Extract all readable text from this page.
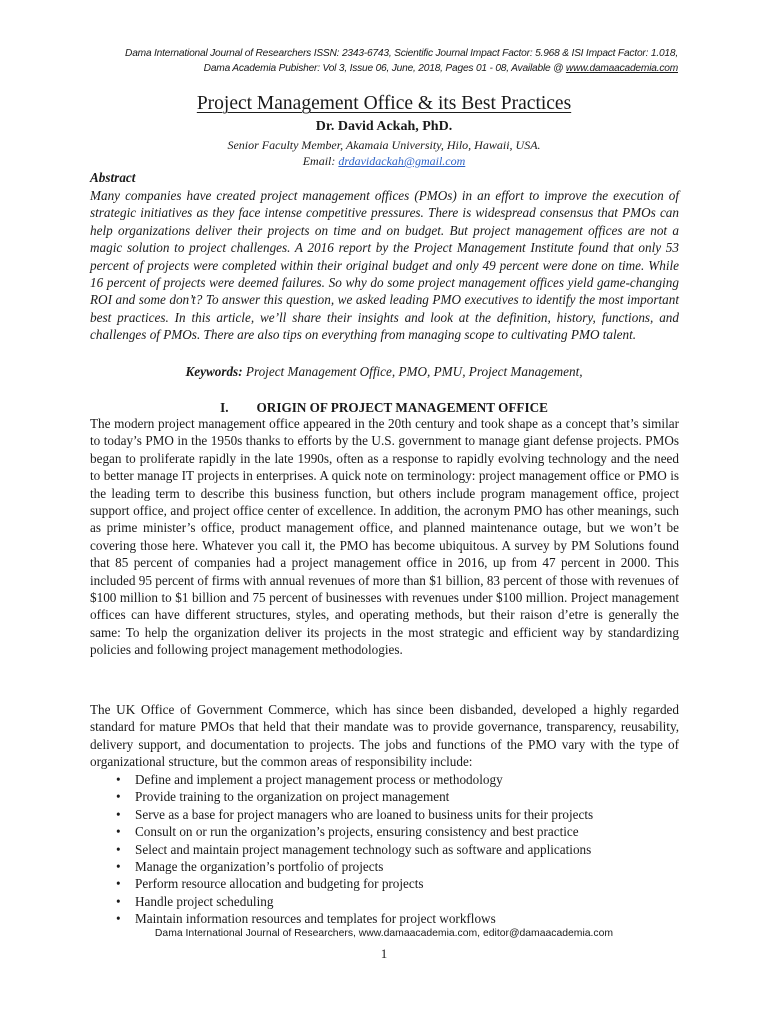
Dama International Journal of Researchers ISSN: 2343-6743, Scientific Journal Impact Factor: 5.968 & ISI Impact Factor: 1.018,
Dama Academia Pubisher: Vol 3, Issue 06, June, 2018, Pages 01 - 08, Available @ www.damaacademia.com
Project Management Office & its Best Practices
Dr. David Ackah, PhD.
Senior Faculty Member, Akamaia University, Hilo, Hawaii, USA.
Email: drdavidackah@gmail.com
Abstract
Many companies have created project management offices (PMOs) in an effort to improve the execution of strategic initiatives as they face intense competitive pressures. There is widespread consensus that PMOs can help organizations deliver their projects on time and on budget. But project management offices are not a magic solution to project challenges. A 2016 report by the Project Management Institute found that only 53 percent of projects were completed within their original budget and only 49 percent were done on time. While 16 percent of projects were deemed failures. So why do some project management offices yield game-changing ROI and some don’t? To answer this question, we asked leading PMO executives to identify the most important best practices. In this article, we’ll share their insights and look at the definition, history, functions, and challenges of PMOs. There are also tips on everything from managing scope to cultivating PMO talent.
Keywords: Project Management Office, PMO, PMU, Project Management,
I. ORIGIN OF PROJECT MANAGEMENT OFFICE
The modern project management office appeared in the 20th century and took shape as a concept that’s similar to today’s PMO in the 1950s thanks to efforts by the U.S. government to manage giant defense projects. PMOs began to proliferate rapidly in the late 1990s, often as a response to rapidly evolving technology and the need to better manage IT projects in enterprises. A quick note on terminology: project management office or PMO is the leading term to describe this business function, but others include program management office, project support office, and project office center of excellence. In addition, the acronym PMO has other meanings, such as prime minister’s office, product management office, and planned maintenance outage, but we won’t be covering those here. Whatever you call it, the PMO has become ubiquitous. A survey by PM Solutions found that 85 percent of companies had a project management office in 2016, up from 47 percent in 2000. This included 95 percent of firms with annual revenues of more than $1 billion, 83 percent of those with revenues of $100 million to $1 billion and 75 percent of businesses with revenues under $100 million. Project management offices can have different structures, styles, and operating methods, but their raison d’etre is generally the same: To help the organization deliver its projects in the most strategic and efficient way by standardizing policies and following project management methodologies.
The UK Office of Government Commerce, which has since been disbanded, developed a highly regarded standard for mature PMOs that held that their mandate was to provide governance, transparency, reusability, delivery support, and documentation to projects. The jobs and functions of the PMO vary with the type of organizational structure, but the common areas of responsibility include:
• Define and implement a project management process or methodology
• Provide training to the organization on project management
• Serve as a base for project managers who are loaned to business units for their projects
• Consult on or run the organization’s projects, ensuring consistency and best practice
• Select and maintain project management technology such as software and applications
• Manage the organization’s portfolio of projects
• Perform resource allocation and budgeting for projects
• Handle project scheduling
• Maintain information resources and templates for project workflows
Dama International Journal of Researchers, www.damaacademia.com, editor@damaacademia.com
1
